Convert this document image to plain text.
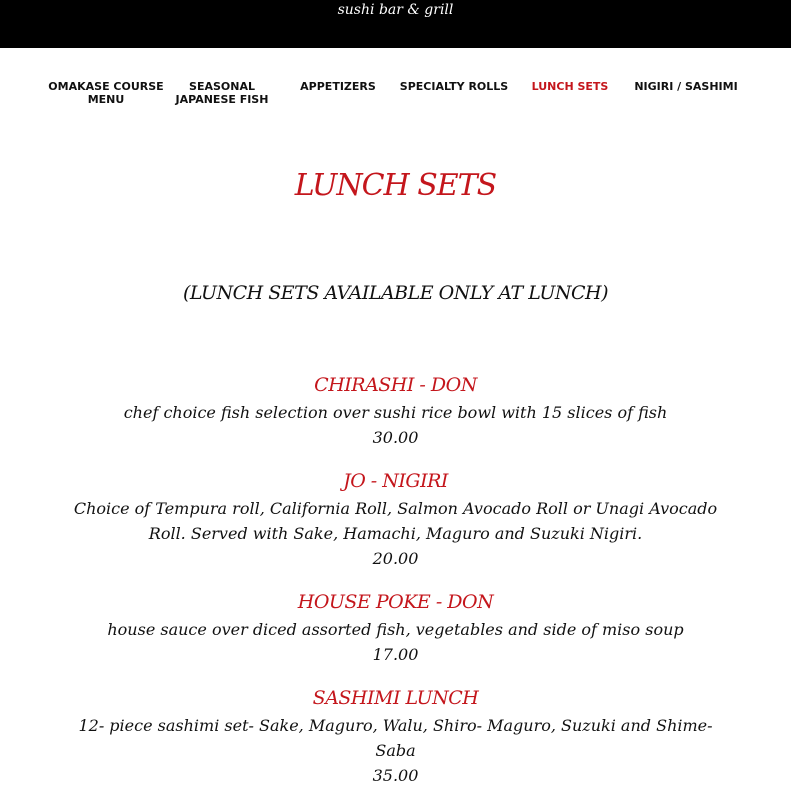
sushi bar & grill
OMAKASE COURSE MENU
SEASONAL JAPANESE FISH
APPETIZERS	SPECIALTY ROLLS	LUNCH SETS	NIGIRI / SASHIMI
LUNCH SETS
(LUNCH SETS AVAILABLE ONLY AT LUNCH)
CHIRASHI - DON
chef choice fish selection over sushi rice bowl with 15 slices of fish
30.00
JO - NIGIRI
Choice of Tempura roll, California Roll, Salmon Avocado Roll or Unagi Avocado Roll. Served with Sake, Hamachi, Maguro and Suzuki Nigiri.
20.00
HOUSE POKE - DON
house sauce over diced assorted fish, vegetables and side of miso soup
17.00
SASHIMI LUNCH
12- piece sashimi set- Sake, Maguro, Walu, Shiro- Maguro, Suzuki and Shime- Saba
35.00
